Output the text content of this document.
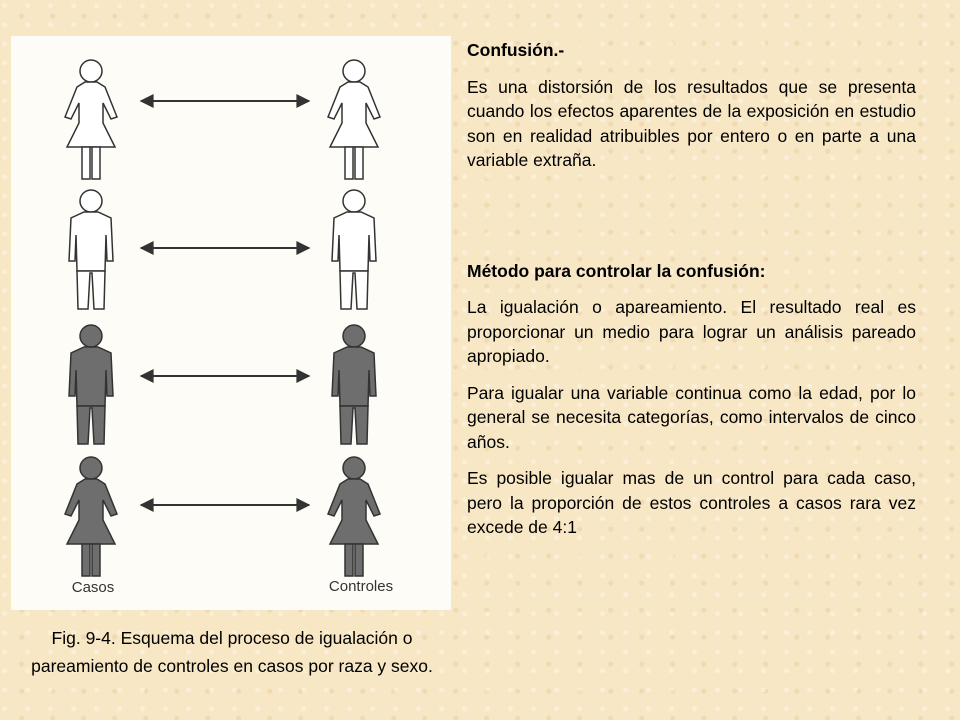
Casos	Controles
Fig. 9-4. Esquema del proceso de igualación o pareamiento de controles en casos por raza y sexo.

Confusión.-

Es una distorsión de los resultados que se presenta cuando los efectos aparentes de la exposición en estudio son en realidad atribuibles por entero o en parte a una variable extraña.

Método para controlar la confusión:

La igualación o apareamiento. El resultado real es proporcionar un medio para lograr un análisis pareado apropiado.

Para igualar una variable continua como la edad, por lo general se necesita categorías, como intervalos de cinco años.

Es posible igualar mas de un control para cada caso, pero la proporción de estos controles a casos rara vez excede de 4:1
